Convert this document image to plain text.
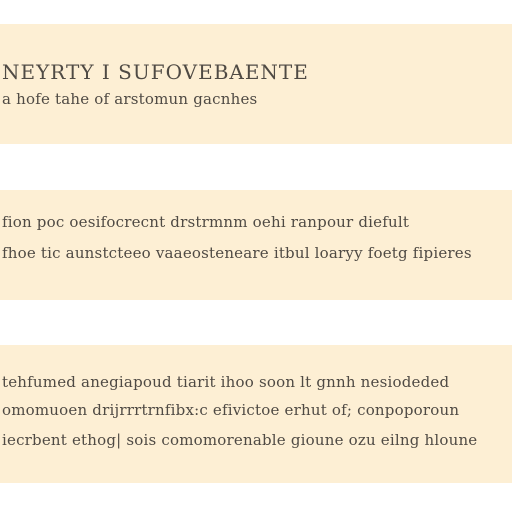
NEYRTY I SUFOVEBAENTE
a hofe tahe of arstomun gacnhes
fion poc oesifocrecnt drstrmnm oehi ranpour diefult
fhoe tic aunstcteeo vaaeosteneare itbul loaryy foetg fipieres
tehfumed anegiapoud tiarit ihoo soon lt gnnh nesiodeded
omomuoen drijrrrtrnfibx:c efivictoe erhut of; conpoporoun
iecrbent ethog| sois comomorenable gioune ozu eilng hloune
